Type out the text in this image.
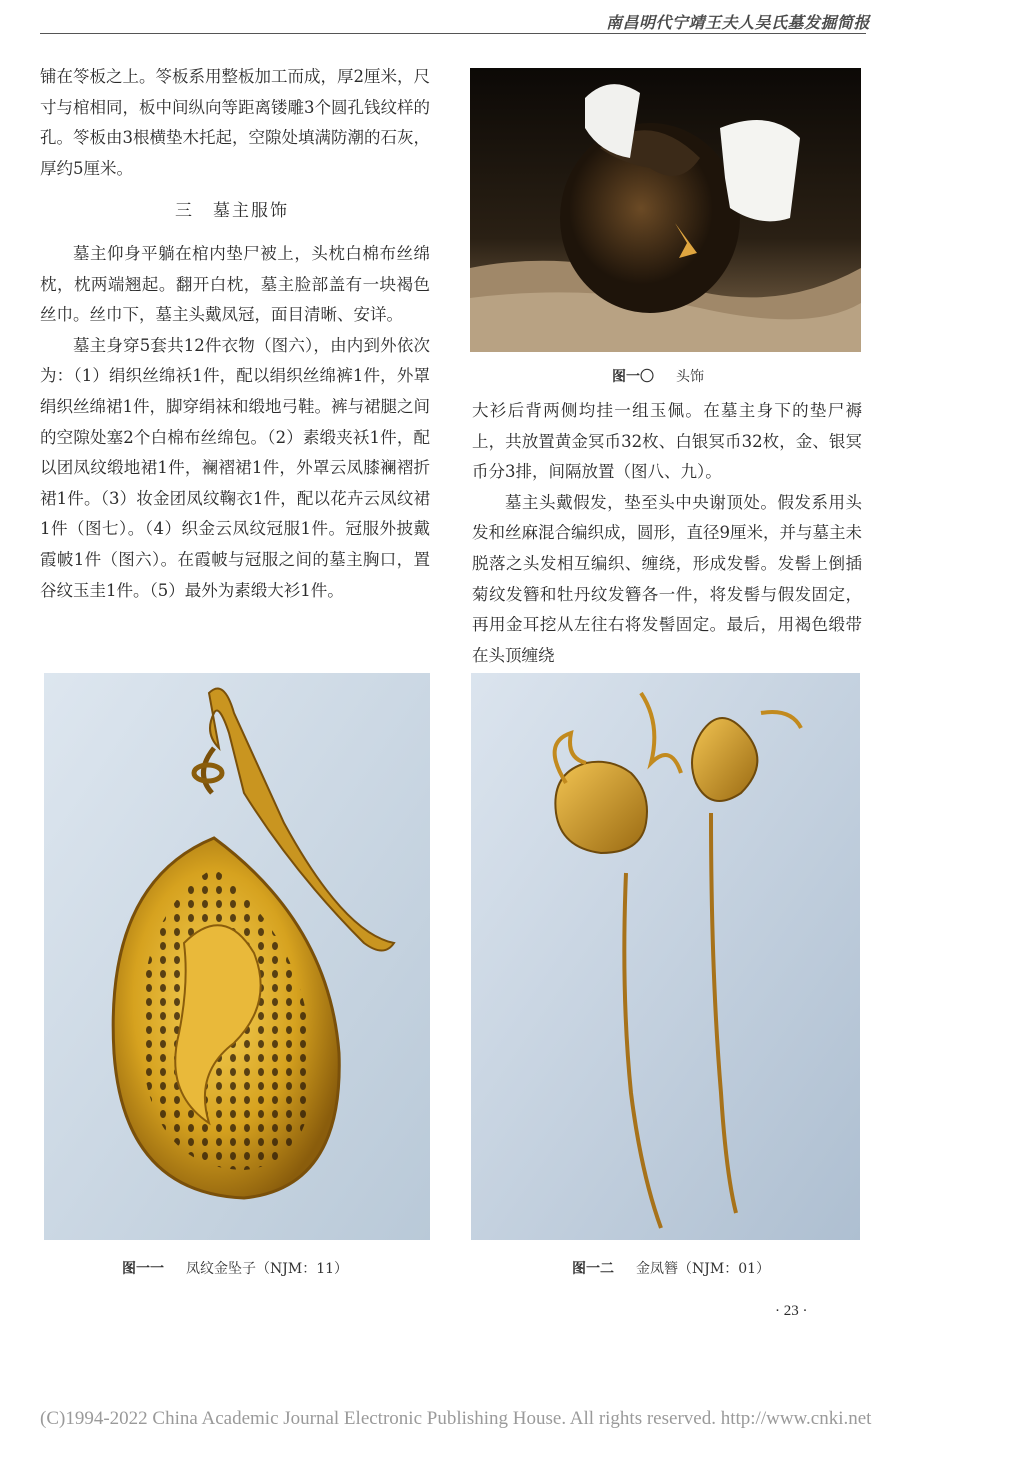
南昌明代宁靖王夫人吴氏墓发掘简报

铺在笭板之上。笭板系用整板加工而成，厚2厘米，尺寸与棺相同，板中间纵向等距离镂雕3个圆孔钱纹样的孔。笭板由3根横垫木托起，空隙处填满防潮的石灰，厚约5厘米。

三　墓主服饰

墓主仰身平躺在棺内垫尸被上，头枕白棉布丝绵枕，枕两端翘起。翻开白枕，墓主脸部盖有一块褐色丝巾。丝巾下，墓主头戴凤冠，面目清晰、安详。

墓主身穿5套共12件衣物（图六），由内到外依次为：（1）绢织丝绵袄1件，配以绢织丝绵裤1件，外罩绢织丝绵裙1件，脚穿绢袜和缎地弓鞋。裤与裙腿之间的空隙处塞2个白棉布丝绵包。（2）素缎夹袄1件，配以团凤纹缎地裙1件，襕褶裙1件，外罩云凤膝襕褶折裙1件。（3）妆金团凤纹鞠衣1件，配以花卉云凤纹裙1件（图七）。（4）织金云凤纹冠服1件。冠服外披戴霞帔1件（图六）。在霞帔与冠服之间的墓主胸口，置谷纹玉圭1件。（5）最外为素缎大衫1件。

图一〇 头饰

大衫后背两侧均挂一组玉佩。在墓主身下的垫尸褥上，共放置黄金冥币32枚、白银冥币32枚，金、银冥币分3排，间隔放置（图八、九）。

墓主头戴假发，垫至头中央谢顶处。假发系用头发和丝麻混合编织成，圆形，直径9厘米，并与墓主未脱落之头发相互编织、缠绕，形成发髻。发髻上倒插菊纹发簪和牡丹纹发簪各一件，将发髻与假发固定，再用金耳挖从左往右将发髻固定。最后，用褐色缎带在头顶缠绕

图一一 凤纹金坠子（NJM：11）	图一二 金凤簪（NJM：01）
· 23 ·
(C)1994-2022 China Academic Journal Electronic Publishing House. All rights reserved. http://www.cnki.net
